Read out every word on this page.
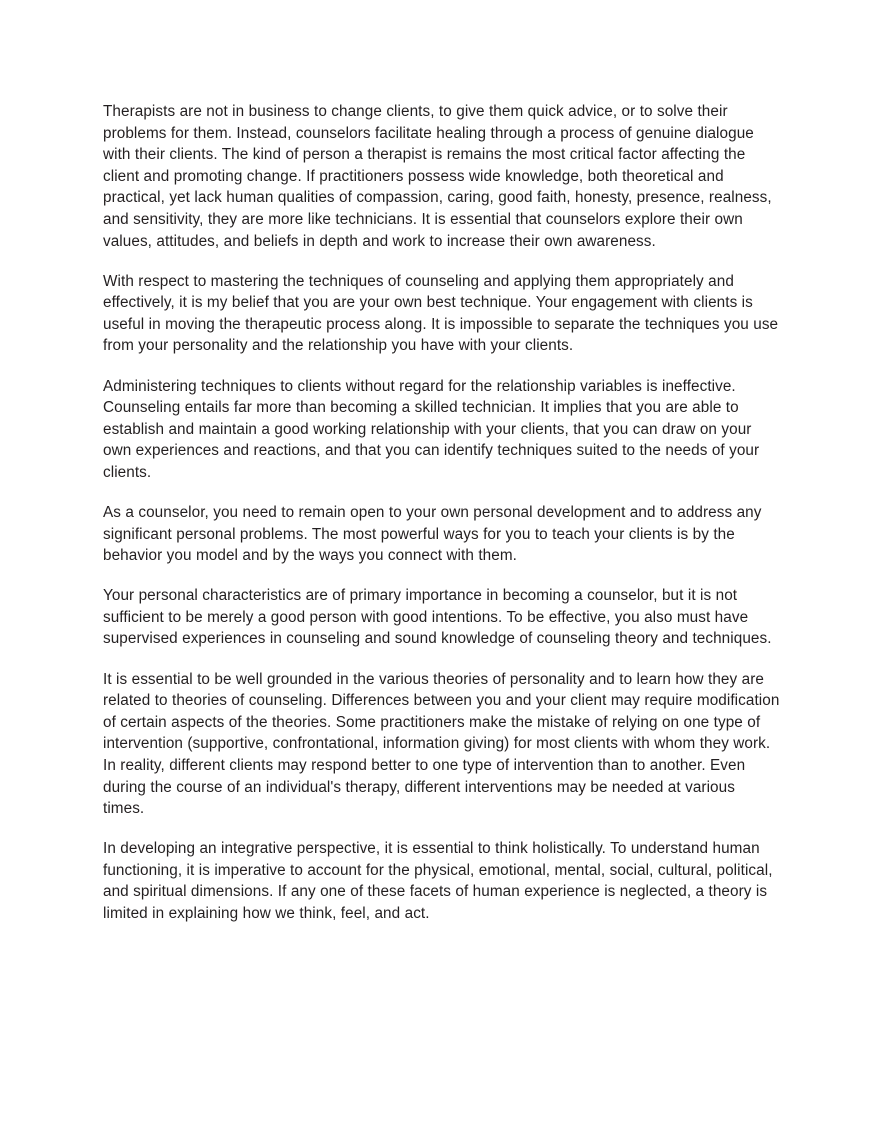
Therapists are not in business to change clients, to give them quick advice, or to solve their problems for them. Instead, counselors facilitate healing through a process of genuine dialogue with their clients. The kind of person a therapist is remains the most critical factor affecting the client and promoting change. If practitioners possess wide knowledge, both theoretical and practical, yet lack human qualities of compassion, caring, good faith, honesty, presence, realness, and sensitivity, they are more like technicians. It is essential that counselors explore their own values, attitudes, and beliefs in depth and work to increase their own awareness.

With respect to mastering the techniques of counseling and applying them appropriately and effectively, it is my belief that you are your own best technique. Your engagement with clients is useful in moving the therapeutic process along. It is impossible to separate the techniques you use from your personality and the relationship you have with your clients.

Administering techniques to clients without regard for the relationship variables is ineffective. Counseling entails far more than becoming a skilled technician. It implies that you are able to establish and maintain a good working relationship with your clients, that you can draw on your own experiences and reactions, and that you can identify techniques suited to the needs of your clients.

As a counselor, you need to remain open to your own personal development and to address any significant personal problems. The most powerful ways for you to teach your clients is by the behavior you model and by the ways you connect with them.

Your personal characteristics are of primary importance in becoming a counselor, but it is not sufficient to be merely a good person with good intentions. To be effective, you also must have supervised experiences in counseling and sound knowledge of counseling theory and techniques.

It is essential to be well grounded in the various theories of personality and to learn how they are related to theories of counseling. Differences between you and your client may require modification of certain aspects of the theories. Some practitioners make the mistake of relying on one type of intervention (supportive, confrontational, information giving) for most clients with whom they work. In reality, different clients may respond better to one type of intervention than to another. Even during the course of an individual's therapy, different interventions may be needed at various times.

In developing an integrative perspective, it is essential to think holistically. To understand human functioning, it is imperative to account for the physical, emotional, mental, social, cultural, political, and spiritual dimensions. If any one of these facets of human experience is neglected, a theory is limited in explaining how we think, feel, and act.
